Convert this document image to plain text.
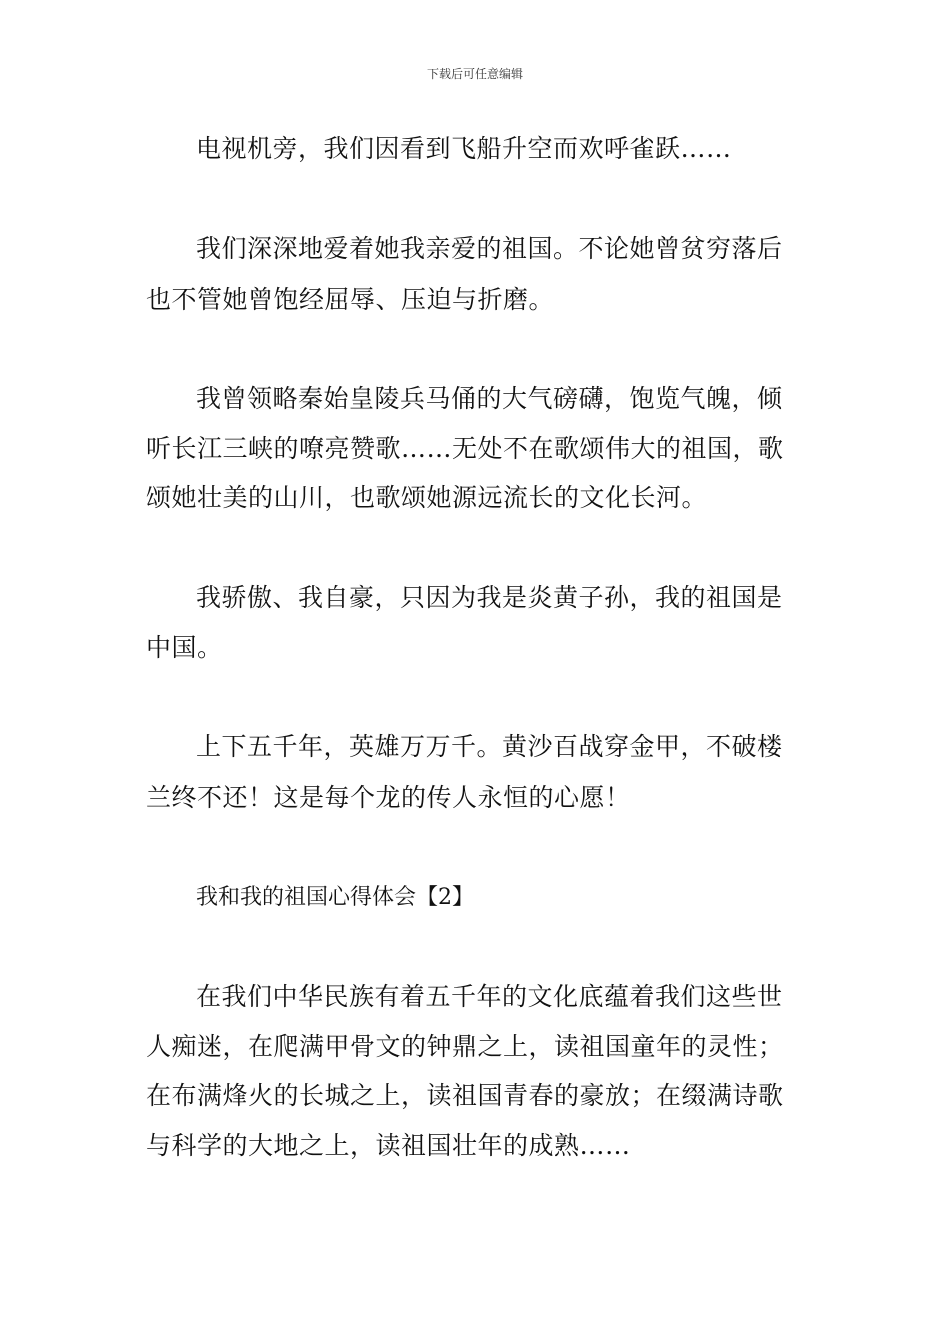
下载后可任意编辑
电视机旁，我们因看到飞船升空而欢呼雀跃……
我们深深地爱着她我亲爱的祖国。不论她曾贫穷落后
也不管她曾饱经屈辱、压迫与折磨。
我曾领略秦始皇陵兵马俑的大气磅礴，饱览气魄，倾
听长江三峡的嘹亮赞歌……无处不在歌颂伟大的祖国，歌
颂她壮美的山川，也歌颂她源远流长的文化长河。
我骄傲、我自豪，只因为我是炎黄子孙，我的祖国是
中国。
上下五千年，英雄万万千。黄沙百战穿金甲，不破楼
兰终不还！这是每个龙的传人永恒的心愿！
我和我的祖国心得体会【2】
在我们中华民族有着五千年的文化底蕴着我们这些世
人痴迷，在爬满甲骨文的钟鼎之上，读祖国童年的灵性；
在布满烽火的长城之上，读祖国青春的豪放；在缀满诗歌
与科学的大地之上，读祖国壮年的成熟……
